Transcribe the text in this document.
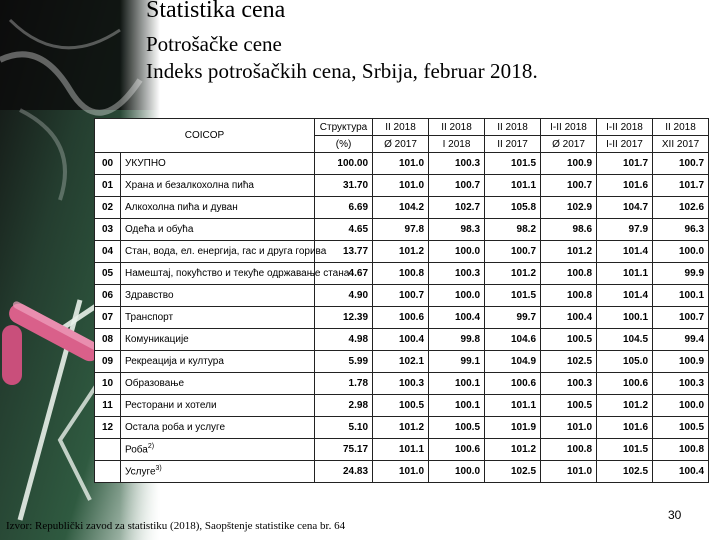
Statistika cena
Potrošačke cene
Indeks potrošačkih cena, Srbija, februar 2018.
COICOP		Структура	II 2018	II 2018	II 2018	I-II 2018	I-II 2018	II 2018
		(%)	Ø 2017	I 2018	II 2017	Ø 2017	I-II 2017	XII 2017
00	УКУПНО	100.00	101.0	100.3	101.5	100.9	101.7	100.7
01	Храна и безалкохолна пића	31.70	101.0	100.7	101.1	100.7	101.6	101.7
02	Алкохолна пића и дуван	6.69	104.2	102.7	105.8	102.9	104.7	102.6
03	Одећа и обућа	4.65	97.8	98.3	98.2	98.6	97.9	96.3
04	Стан, вода, ел. енергија, гас и друга горива	13.77	101.2	100.0	100.7	101.2	101.4	100.0
05	Намештај, покућство и текуће одржавање стана	4.67	100.8	100.3	101.2	100.8	101.1	99.9
06	Здравство	4.90	100.7	100.0	101.5	100.8	101.4	100.1
07	Транспорт	12.39	100.6	100.4	99.7	100.4	100.1	100.7
08	Комуникације	4.98	100.4	99.8	104.6	100.5	104.5	99.4
09	Рекреација и култура	5.99	102.1	99.1	104.9	102.5	105.0	100.9
10	Образовање	1.78	100.3	100.1	100.6	100.3	100.6	100.3
11	Ресторани и хотели	2.98	100.5	100.1	101.1	100.5	101.2	100.0
12	Остала роба и услуге	5.10	101.2	100.5	101.9	101.0	101.6	100.5
	Роба$^{2)}$	75.17	101.1	100.6	101.2	100.8	101.5	100.8
	Услуге$^{3)}$	24.83	101.0	100.0	102.5	101.0	102.5	100.4
Izvor: Republički zavod za statistiku (2018), Saopštenje statistike cena br. 64
30
